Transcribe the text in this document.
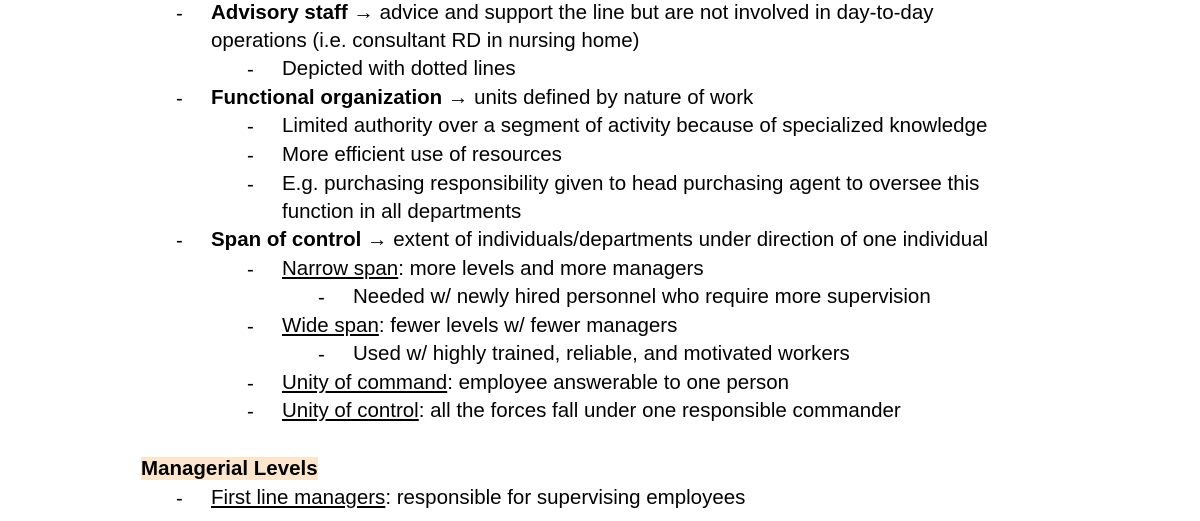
- Advisory staff → advice and support the line but are not involved in day-to-day
operations (i.e. consultant RD in nursing home)
- Depicted with dotted lines
- Functional organization → units defined by nature of work
- Limited authority over a segment of activity because of specialized knowledge
- More efficient use of resources
- E.g. purchasing responsibility given to head purchasing agent to oversee this
function in all departments
- Span of control → extent of individuals/departments under direction of one individual
- Narrow span: more levels and more managers
- Needed w/ newly hired personnel who require more supervision
- Wide span: fewer levels w/ fewer managers
- Used w/ highly trained, reliable, and motivated workers
- Unity of command: employee answerable to one person
- Unity of control: all the forces fall under one responsible commander
Managerial Levels
- First line managers: responsible for supervising employees
